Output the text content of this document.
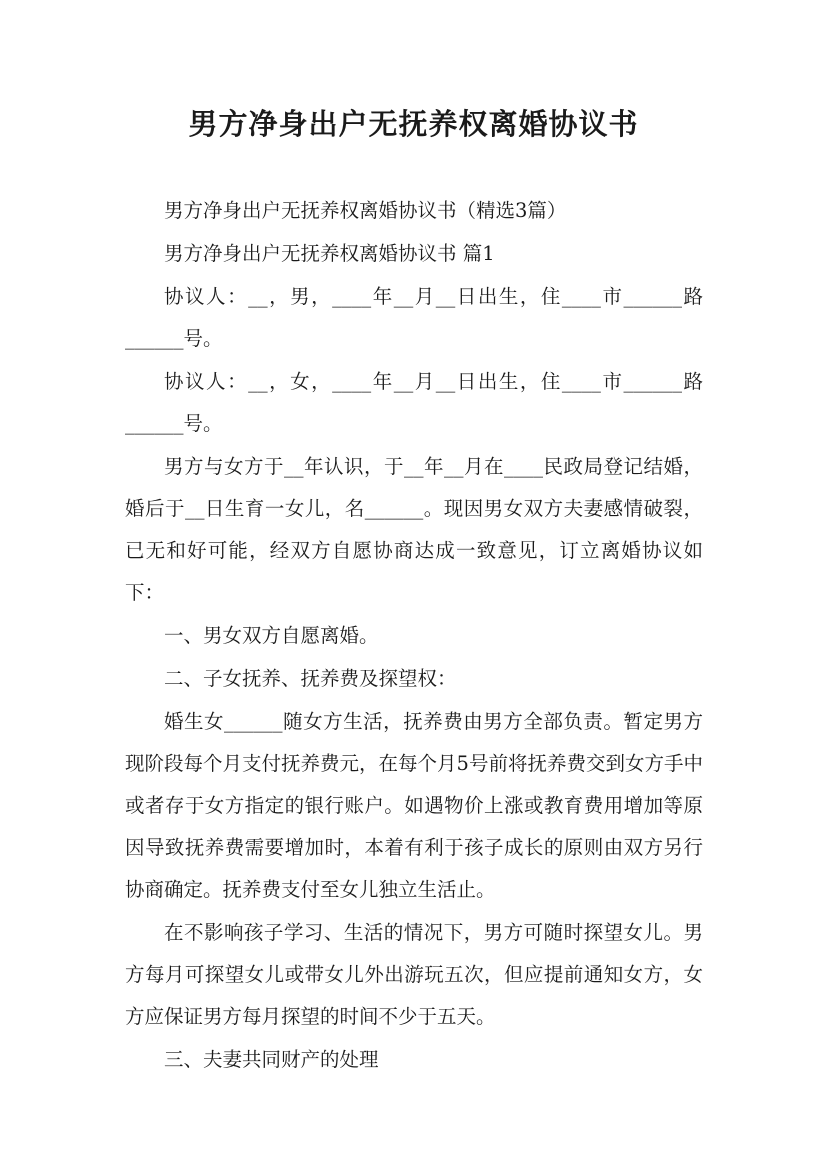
男方净身出户无抚养权离婚协议书

男方净身出户无抚养权离婚协议书（精选3篇）

男方净身出户无抚养权离婚协议书 篇1

协议人：__，男，____年__月__日出生，住____市______路______号。

协议人：__，女，____年__月__日出生，住____市______路______号。

男方与女方于__年认识，于__年__月在____民政局登记结婚，婚后于__日生育一女儿，名______。现因男女双方夫妻感情破裂，已无和好可能，经双方自愿协商达成一致意见，订立离婚协议如下：

一、男女双方自愿离婚。

二、子女抚养、抚养费及探望权：

婚生女______随女方生活，抚养费由男方全部负责。暂定男方现阶段每个月支付抚养费元，在每个月5号前将抚养费交到女方手中或者存于女方指定的银行账户。如遇物价上涨或教育费用增加等原因导致抚养费需要增加时，本着有利于孩子成长的原则由双方另行协商确定。抚养费支付至女儿独立生活止。

在不影响孩子学习、生活的情况下，男方可随时探望女儿。男方每月可探望女儿或带女儿外出游玩五次，但应提前通知女方，女方应保证男方每月探望的时间不少于五天。

三、夫妻共同财产的处理
